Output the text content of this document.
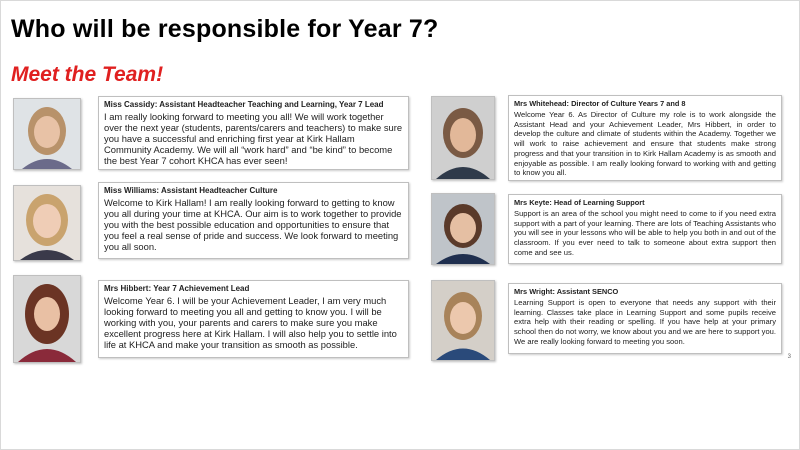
Who will be responsible for Year 7?
Meet the Team!
Miss Cassidy: Assistant Headteacher Teaching and Learning, Year 7 Lead
I am really looking forward to meeting you all! We will work together over the next year (students, parents/carers and teachers) to make sure you have a successful and enriching first year at Kirk Hallam Community Academy. We will all “work hard” and “be kind” to become the best Year 7 cohort KHCA has ever seen!
Miss Williams: Assistant Headteacher Culture
Welcome to Kirk Hallam! I am really looking forward to getting to know you all during your time at KHCA. Our aim is to work together to provide you with the best possible education and opportunities to ensure that you feel a real sense of pride and success. We look forward to meeting you all soon.
Mrs Hibbert: Year 7 Achievement Lead
Welcome Year 6. I will be your Achievement Leader, I am very much looking forward to meeting you all and getting to know you. I will be working with you, your parents and carers to make sure you make excellent progress here at Kirk Hallam. I will also help you to settle into life at KHCA and make your transition as smooth as possible.
Mrs Whitehead: Director of Culture Years 7 and 8
Welcome Year 6. As Director of Culture my role is to work alongside the Assistant Head and your Achievement Leader, Mrs Hibbert, in order to develop the culture and climate of students within the Academy. Together we will work to raise achievement and ensure that students make strong progress and that your transition in to Kirk Hallam Academy is as smooth and enjoyable as possible. I am really looking forward to working with and getting to know you all.
Mrs Keyte: Head of Learning Support
Support is an area of the school you might need to come to if you need extra support with a part of your learning. There are lots of Teaching Assistants who you will see in your lessons who will be able to help you both in and out of the classroom. If you ever need to talk to someone about extra support then come and see us.
Mrs Wright: Assistant SENCO
Learning Support is open to everyone that needs any support with their learning. Classes take place in Learning Support and some pupils receive extra help with their reading or spelling. If you have help at your primary school then do not worry, we know about you and we are here to support you. We are really looking forward to meeting you soon.
3
